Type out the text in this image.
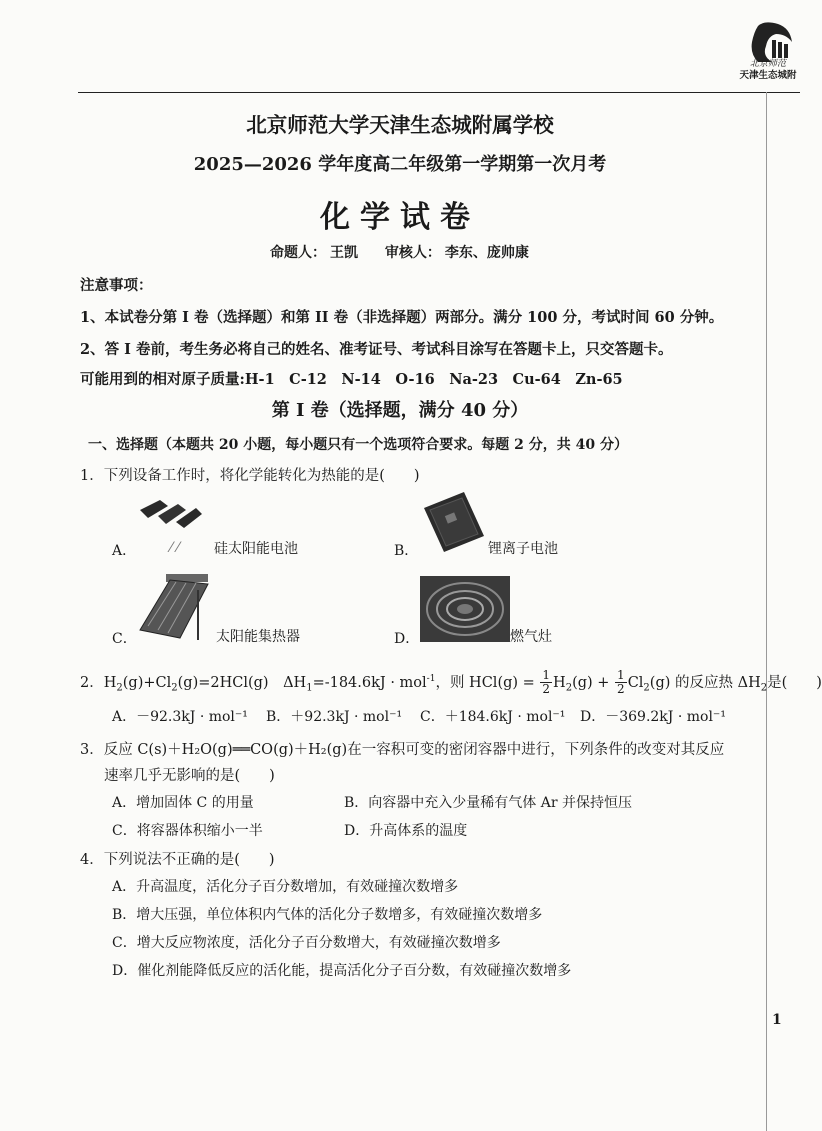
北京师范
天津生态城附
北京师范大学天津生态城附属学校
2025—2026 学年度高二年级第一学期第一次月考
化学试卷
命题人： 王凯 审核人： 李东、庞帅康
注意事项：
1、本试卷分第 I 卷（选择题）和第 II 卷（非选择题）两部分。满分 100 分，考试时间 60 分钟。
2、答 I 卷前，考生务必将自己的姓名、准考证号、考试科目涂写在答题卡上，只交答题卡。
可能用到的相对原子质量:H-1　C-12　N-14　O-16　Na-23　Cu-64　Zn-65
第 I 卷（选择题，满分 40 分）
一、选择题（本题共 20 小题，每小题只有一个选项符合要求。每题 2 分，共 40 分）
1．下列设备工作时，将化学能转化为热能的是(　　)
A． ⁄ ⁄ 硅太阳能电池	B．	锂离子电池
C．	太阳能集热器	D．	燃气灶
2．$H_2(g)+Cl_2(g)=2HCl(g)$　$\Delta H_1=-184.6kJ \cdot mol^{-1}$，则 $HCl(g) = \frac{1}{2} H_2(g) + \frac{1}{2} Cl_2(g)$ 的反应热 $\Delta H_2$是(　　)
A．－92.3kJ · mol⁻¹ B．＋92.3kJ · mol⁻¹ C．＋184.6kJ · mol⁻¹ D．－369.2kJ · mol⁻¹
3．反应 C(s)＋H₂O(g)══CO(g)＋H₂(g)在一容积可变的密闭容器中进行，下列条件的改变对其反应
速率几乎无影响的是(　　)
A．增加固体 C 的用量	B．向容器中充入少量稀有气体 Ar 并保持恒压
C．将容器体积缩小一半	D．升高体系的温度
4．下列说法不正确的是(　　)
A．升高温度，活化分子百分数增加，有效碰撞次数增多
B．增大压强，单位体积内气体的活化分子数增多，有效碰撞次数增多
C．增大反应物浓度，活化分子百分数增大，有效碰撞次数增多
D．催化剂能降低反应的活化能，提高活化分子百分数，有效碰撞次数增多
1
